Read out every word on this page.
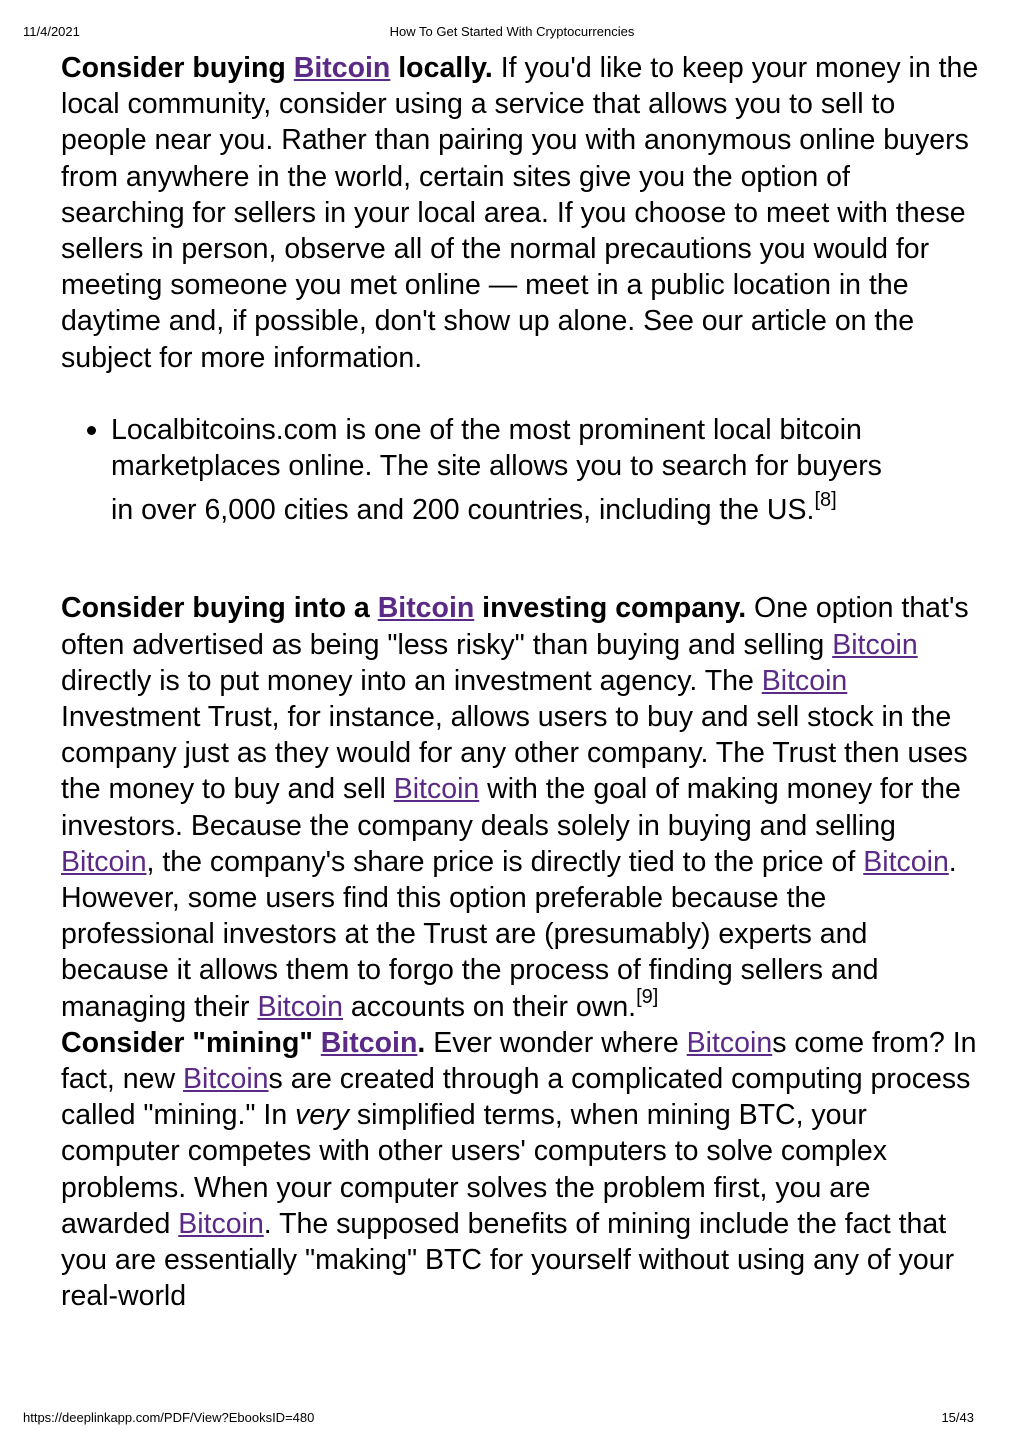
11/4/2021	How To Get Started With Cryptocurrencies

Consider buying Bitcoin locally. If you'd like to keep your money in the local community, consider using a service that allows you to sell to people near you. Rather than pairing you with anonymous online buyers from anywhere in the world, certain sites give you the option of searching for sellers in your local area. If you choose to meet with these sellers in person, observe all of the normal precautions you would for meeting someone you met online — meet in a public location in the daytime and, if possible, don't show up alone. See our article on the subject for more information.

Localbitcoins.com is one of the most prominent local bitcoin marketplaces online. The site allows you to search for buyers in over 6,000 cities and 200 countries, including the US.[8]

Consider buying into a Bitcoin investing company. One option that's often advertised as being "less risky" than buying and selling Bitcoin directly is to put money into an investment agency. The Bitcoin Investment Trust, for instance, allows users to buy and sell stock in the company just as they would for any other company. The Trust then uses the money to buy and sell Bitcoin with the goal of making money for the investors. Because the company deals solely in buying and selling Bitcoin, the company's share price is directly tied to the price of Bitcoin. However, some users find this option preferable because the professional investors at the Trust are (presumably) experts and because it allows them to forgo the process of finding sellers and managing their Bitcoin accounts on their own.[9]

Consider "mining" Bitcoin. Ever wonder where Bitcoins come from? In fact, new Bitcoins are created through a complicated computing process called "mining." In very simplified terms, when mining BTC, your computer competes with other users' computers to solve complex problems. When your computer solves the problem first, you are awarded Bitcoin. The supposed benefits of mining include the fact that you are essentially "making" BTC for yourself without using any of your real-world

https://deeplinkapp.com/PDF/View?EbooksID=480	15/43
